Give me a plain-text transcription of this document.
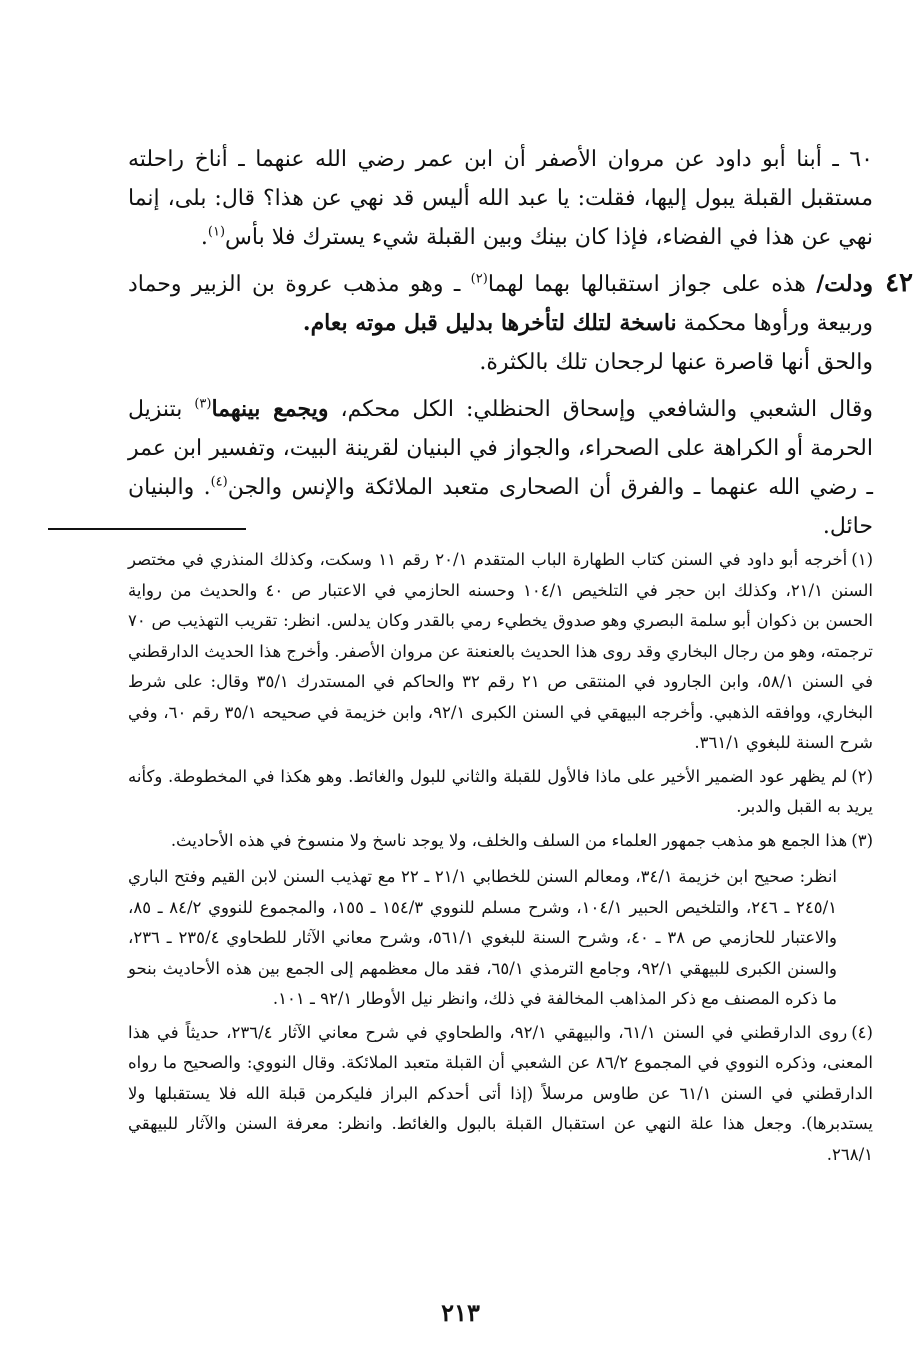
٤٢

٦٠ ـ أبنا أبو داود عن مروان الأصفر أن ابن عمر رضي الله عنهما ـ أناخ راحلته مستقبل القبلة يبول إليها، فقلت: يا عبد الله أليس قد نهي عن هذا؟ قال: بلى، إنما نهي عن هذا في الفضاء، فإذا كان بينك وبين القبلة شيء يسترك فلا بأس$^{(١)}$.

ودلت/ هذه على جواز استقبالها بهما لهما$^{(٢)}$ ـ وهو مذهب عروة بن الزبير وحماد وربيعة ورأوها محكمة ناسخة لتلك لتأخرها بدليل قبل موته بعام.

والحق أنها قاصرة عنها لرجحان تلك بالكثرة.

وقال الشعبي والشافعي وإسحاق الحنظلي: الكل محكم، ويجمع بينهما$^{(٣)}$ بتنزيل الحرمة أو الكراهة على الصحراء، والجواز في البنيان لقرينة البيت، وتفسير ابن عمر ـ رضي الله عنهما ـ والفرق أن الصحارى متعبد الملائكة والإنس والجن$^{(٤)}$. والبنيان حائل.

(١)أخرجه أبو داود في السنن كتاب الطهارة الباب المتقدم ٢٠/١ رقم ١١ وسكت، وكذلك المنذري في مختصر السنن ٢١/١، وكذلك ابن حجر في التلخيص ١٠٤/١ وحسنه الحازمي في الاعتبار ص ٤٠ والحديث من رواية الحسن بن ذكوان أبو سلمة البصري وهو صدوق يخطيء رمي بالقدر وكان يدلس. انظر: تقريب التهذيب ص ٧٠ ترجمته، وهو من رجال البخاري وقد روى هذا الحديث بالعنعنة عن مروان الأصفر. وأخرج هذا الحديث الدارقطني في السنن ٥٨/١، وابن الجارود في المنتقى ص ٢١ رقم ٣٢ والحاكم في المستدرك ٣٥/١ وقال: على شرط البخاري، ووافقه الذهبي. وأخرجه البيهقي في السنن الكبرى ٩٢/١، وابن خزيمة في صحيحه ٣٥/١ رقم ٦٠، وفي شرح السنة للبغوي ٣٦١/١.

(٢)لم يظهر عود الضمير الأخير على ماذا فالأول للقبلة والثاني للبول والغائط. وهو هكذا في المخطوطة. وكأنه يريد به القبل والدبر.

(٣)هذا الجمع هو مذهب جمهور العلماء من السلف والخلف، ولا يوجد ناسخ ولا منسوخ في هذه الأحاديث.

انظر: صحيح ابن خزيمة ٣٤/١، ومعالم السنن للخطابي ٢١/١ ـ ٢٢ مع تهذيب السنن لابن القيم وفتح الباري ٢٤٥/١ ـ ٢٤٦، والتلخيص الحبير ١٠٤/١، وشرح مسلم للنووي ١٥٤/٣ ـ ١٥٥، والمجموع للنووي ٨٤/٢ ـ ٨٥، والاعتبار للحازمي ص ٣٨ ـ ٤٠، وشرح السنة للبغوي ٥٦١/١، وشرح معاني الآثار للطحاوي ٢٣٥/٤ ـ ٢٣٦، والسنن الكبرى للبيهقي ٩٢/١، وجامع الترمذي ٦٥/١، فقد مال معظمهم إلى الجمع بين هذه الأحاديث بنحو ما ذكره المصنف مع ذكر المذاهب المخالفة في ذلك، وانظر نيل الأوطار ٩٢/١ ـ ١٠١.

(٤)روى الدارقطني في السنن ٦١/١، والبيهقي ٩٢/١، والطحاوي في شرح معاني الآثار ٢٣٦/٤، حديثاً في هذا المعنى، وذكره النووي في المجموع ٨٦/٢ عن الشعبي أن القبلة متعبد الملائكة. وقال النووي: والصحيح ما رواه الدارقطني في السنن ٦١/١ عن طاوس مرسلاً (إذا أتى أحدكم البراز فليكرمن قبلة الله فلا يستقبلها ولا يستدبرها). وجعل هذا علة النهي عن استقبال القبلة بالبول والغائط. وانظر: معرفة السنن والآثار للبيهقي ٢٦٨/١.

٢١٣
